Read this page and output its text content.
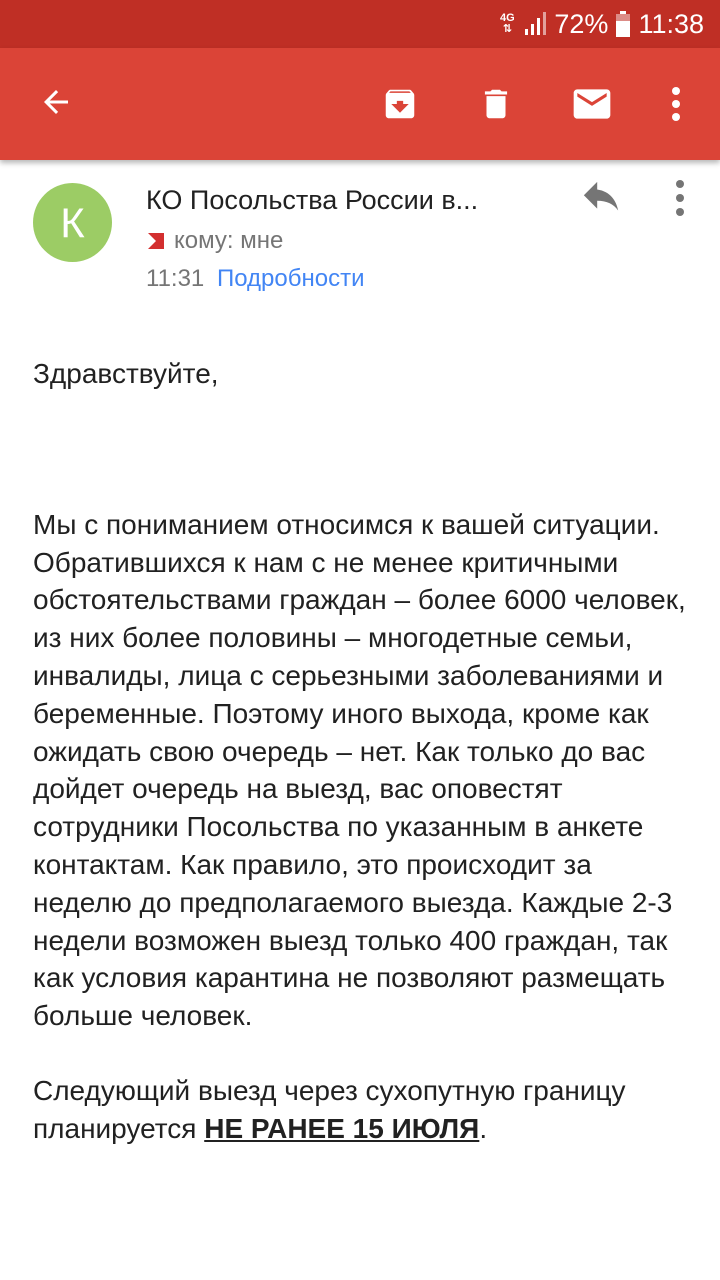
4G
⇅ 72% 11:38
К	КО Посольства России в...
кому: мне
11:31 Подробности

Здравствуйте,

Мы с пониманием относимся к вашей ситуации. Обратившихся к нам с не менее критичными обстоятельствами граждан – более 6000 человек, из них более половины – многодетные семьи, инвалиды, лица с серьезными заболеваниями и беременные. Поэтому иного выхода, кроме как ожидать свою очередь – нет. Как только до вас дойдет очередь на выезд, вас оповестят сотрудники Посольства по указанным в анкете контактам. Как правило, это происходит за неделю до предполагаемого выезда. Каждые 2-3 недели возможен выезд только 400 граждан, так как условия карантина не позволяют размещать больше человек.

Следующий выезд через сухопутную границу планируется НЕ РАНЕЕ 15 ИЮЛЯ.
